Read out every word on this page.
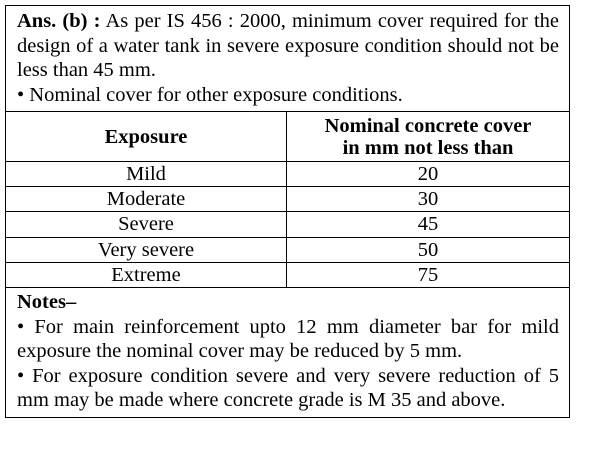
Ans. (b) : As per IS 456 : 2000, minimum cover required for the design of a water tank in severe exposure condition should not be less than 45 mm.

• Nominal cover for other exposure conditions.

Exposure	Nominal concrete cover
in mm not less than
Mild	20
Moderate	30
Severe	45
Very severe	50
Extreme	75

Notes–

• For main reinforcement upto 12 mm diameter bar for mild exposure the nominal cover may be reduced by 5 mm.

• For exposure condition severe and very severe reduction of 5 mm may be made where concrete grade is M 35 and above.
